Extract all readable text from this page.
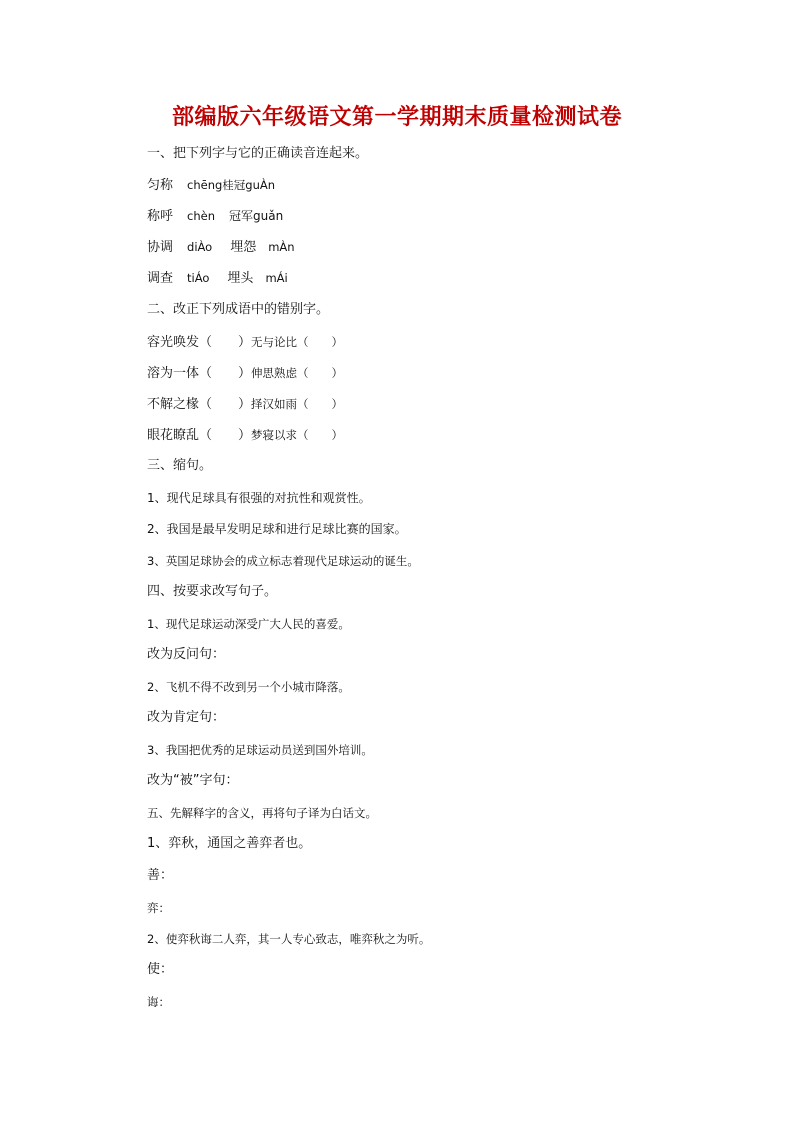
部编版六年级语文第一学期期末质量检测试卷
一、把下列字与它的正确读音连起来。
匀称 chēng桂冠guÀn
称呼 chèn 冠军guǎn
协调 diÀo 埋怨 mÀn
调查 tiÁo 埋头 mÁi
二、改正下列成语中的错别字。
容光唤发（　　）无与论比（　　）
溶为一体（　　）伸思熟虑（　　）
不解之椽（　　）择汉如雨（　　）
眼花瞭乱（　　）梦寝以求（　　）
三、缩句。
1、现代足球具有很强的对抗性和观赏性。
2、我国是最早发明足球和进行足球比赛的国家。
3、英国足球协会的成立标志着现代足球运动的诞生。
四、按要求改写句子。
1、现代足球运动深受广大人民的喜爱。
改为反问句：
2、飞机不得不改到另一个小城市降落。
改为肯定句：
3、我国把优秀的足球运动员送到国外培训。
改为“被”字句：
五、先解释字的含义，再将句子译为白话文。
1、弈秋，通国之善弈者也。
善：
弈：
2、使弈秋诲二人弈，其一人专心致志，唯弈秋之为听。
使：
诲：
